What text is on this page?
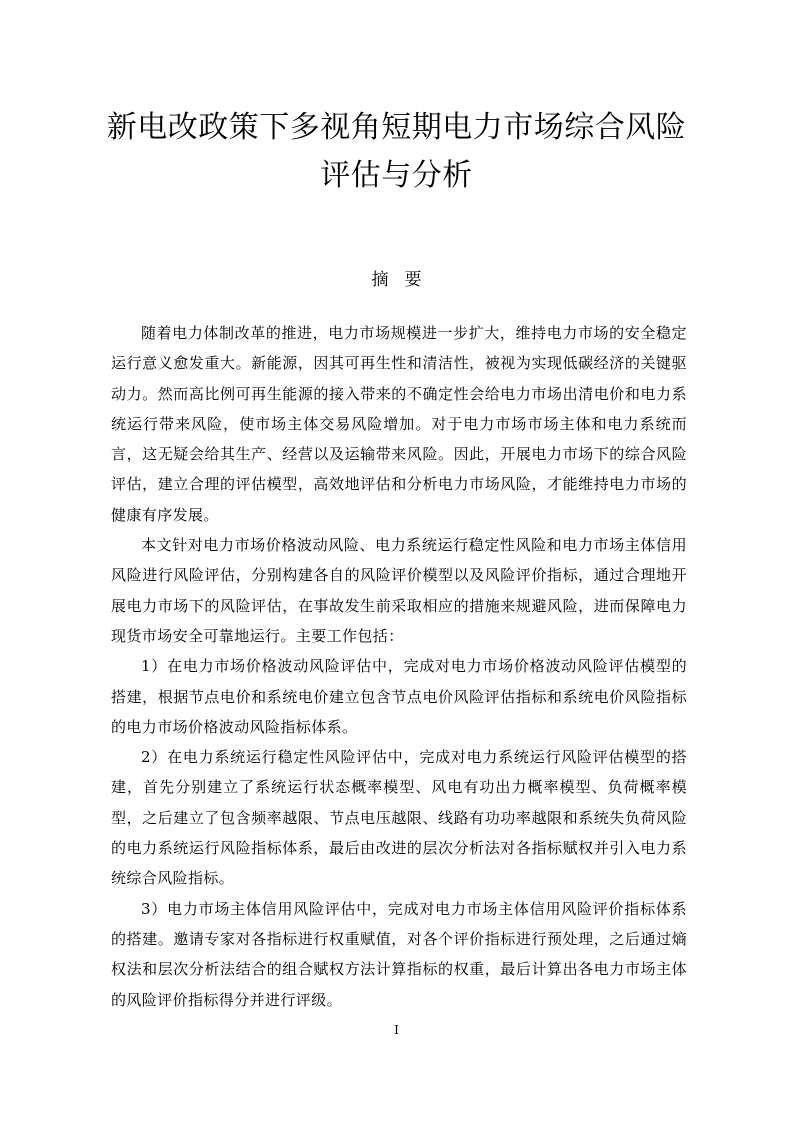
新电改政策下多视角短期电力市场综合风险评估与分析
摘要

随着电力体制改革的推进，电力市场规模进一步扩大，维持电力市场的安全稳定运行意义愈发重大。新能源，因其可再生性和清洁性，被视为实现低碳经济的关键驱动力。然而高比例可再生能源的接入带来的不确定性会给电力市场出清电价和电力系统运行带来风险，使市场主体交易风险增加。对于电力市场市场主体和电力系统而言，这无疑会给其生产、经营以及运输带来风险。因此，开展电力市场下的综合风险评估，建立合理的评估模型，高效地评估和分析电力市场风险，才能维持电力市场的健康有序发展。

本文针对电力市场价格波动风险、电力系统运行稳定性风险和电力市场主体信用风险进行风险评估，分别构建各自的风险评价模型以及风险评价指标，通过合理地开展电力市场下的风险评估，在事故发生前采取相应的措施来规避风险，进而保障电力现货市场安全可靠地运行。主要工作包括：

1）在电力市场价格波动风险评估中，完成对电力市场价格波动风险评估模型的搭建，根据节点电价和系统电价建立包含节点电价风险评估指标和系统电价风险指标的电力市场价格波动风险指标体系。

2）在电力系统运行稳定性风险评估中，完成对电力系统运行风险评估模型的搭建，首先分别建立了系统运行状态概率模型、风电有功出力概率模型、负荷概率模型，之后建立了包含频率越限、节点电压越限、线路有功功率越限和系统失负荷风险的电力系统运行风险指标体系，最后由改进的层次分析法对各指标赋权并引入电力系统综合风险指标。

3）电力市场主体信用风险评估中，完成对电力市场主体信用风险评价指标体系的搭建。邀请专家对各指标进行权重赋值，对各个评价指标进行预处理，之后通过熵权法和层次分析法结合的组合赋权方法计算指标的权重，最后计算出各电力市场主体的风险评价指标得分并进行评级。

I
